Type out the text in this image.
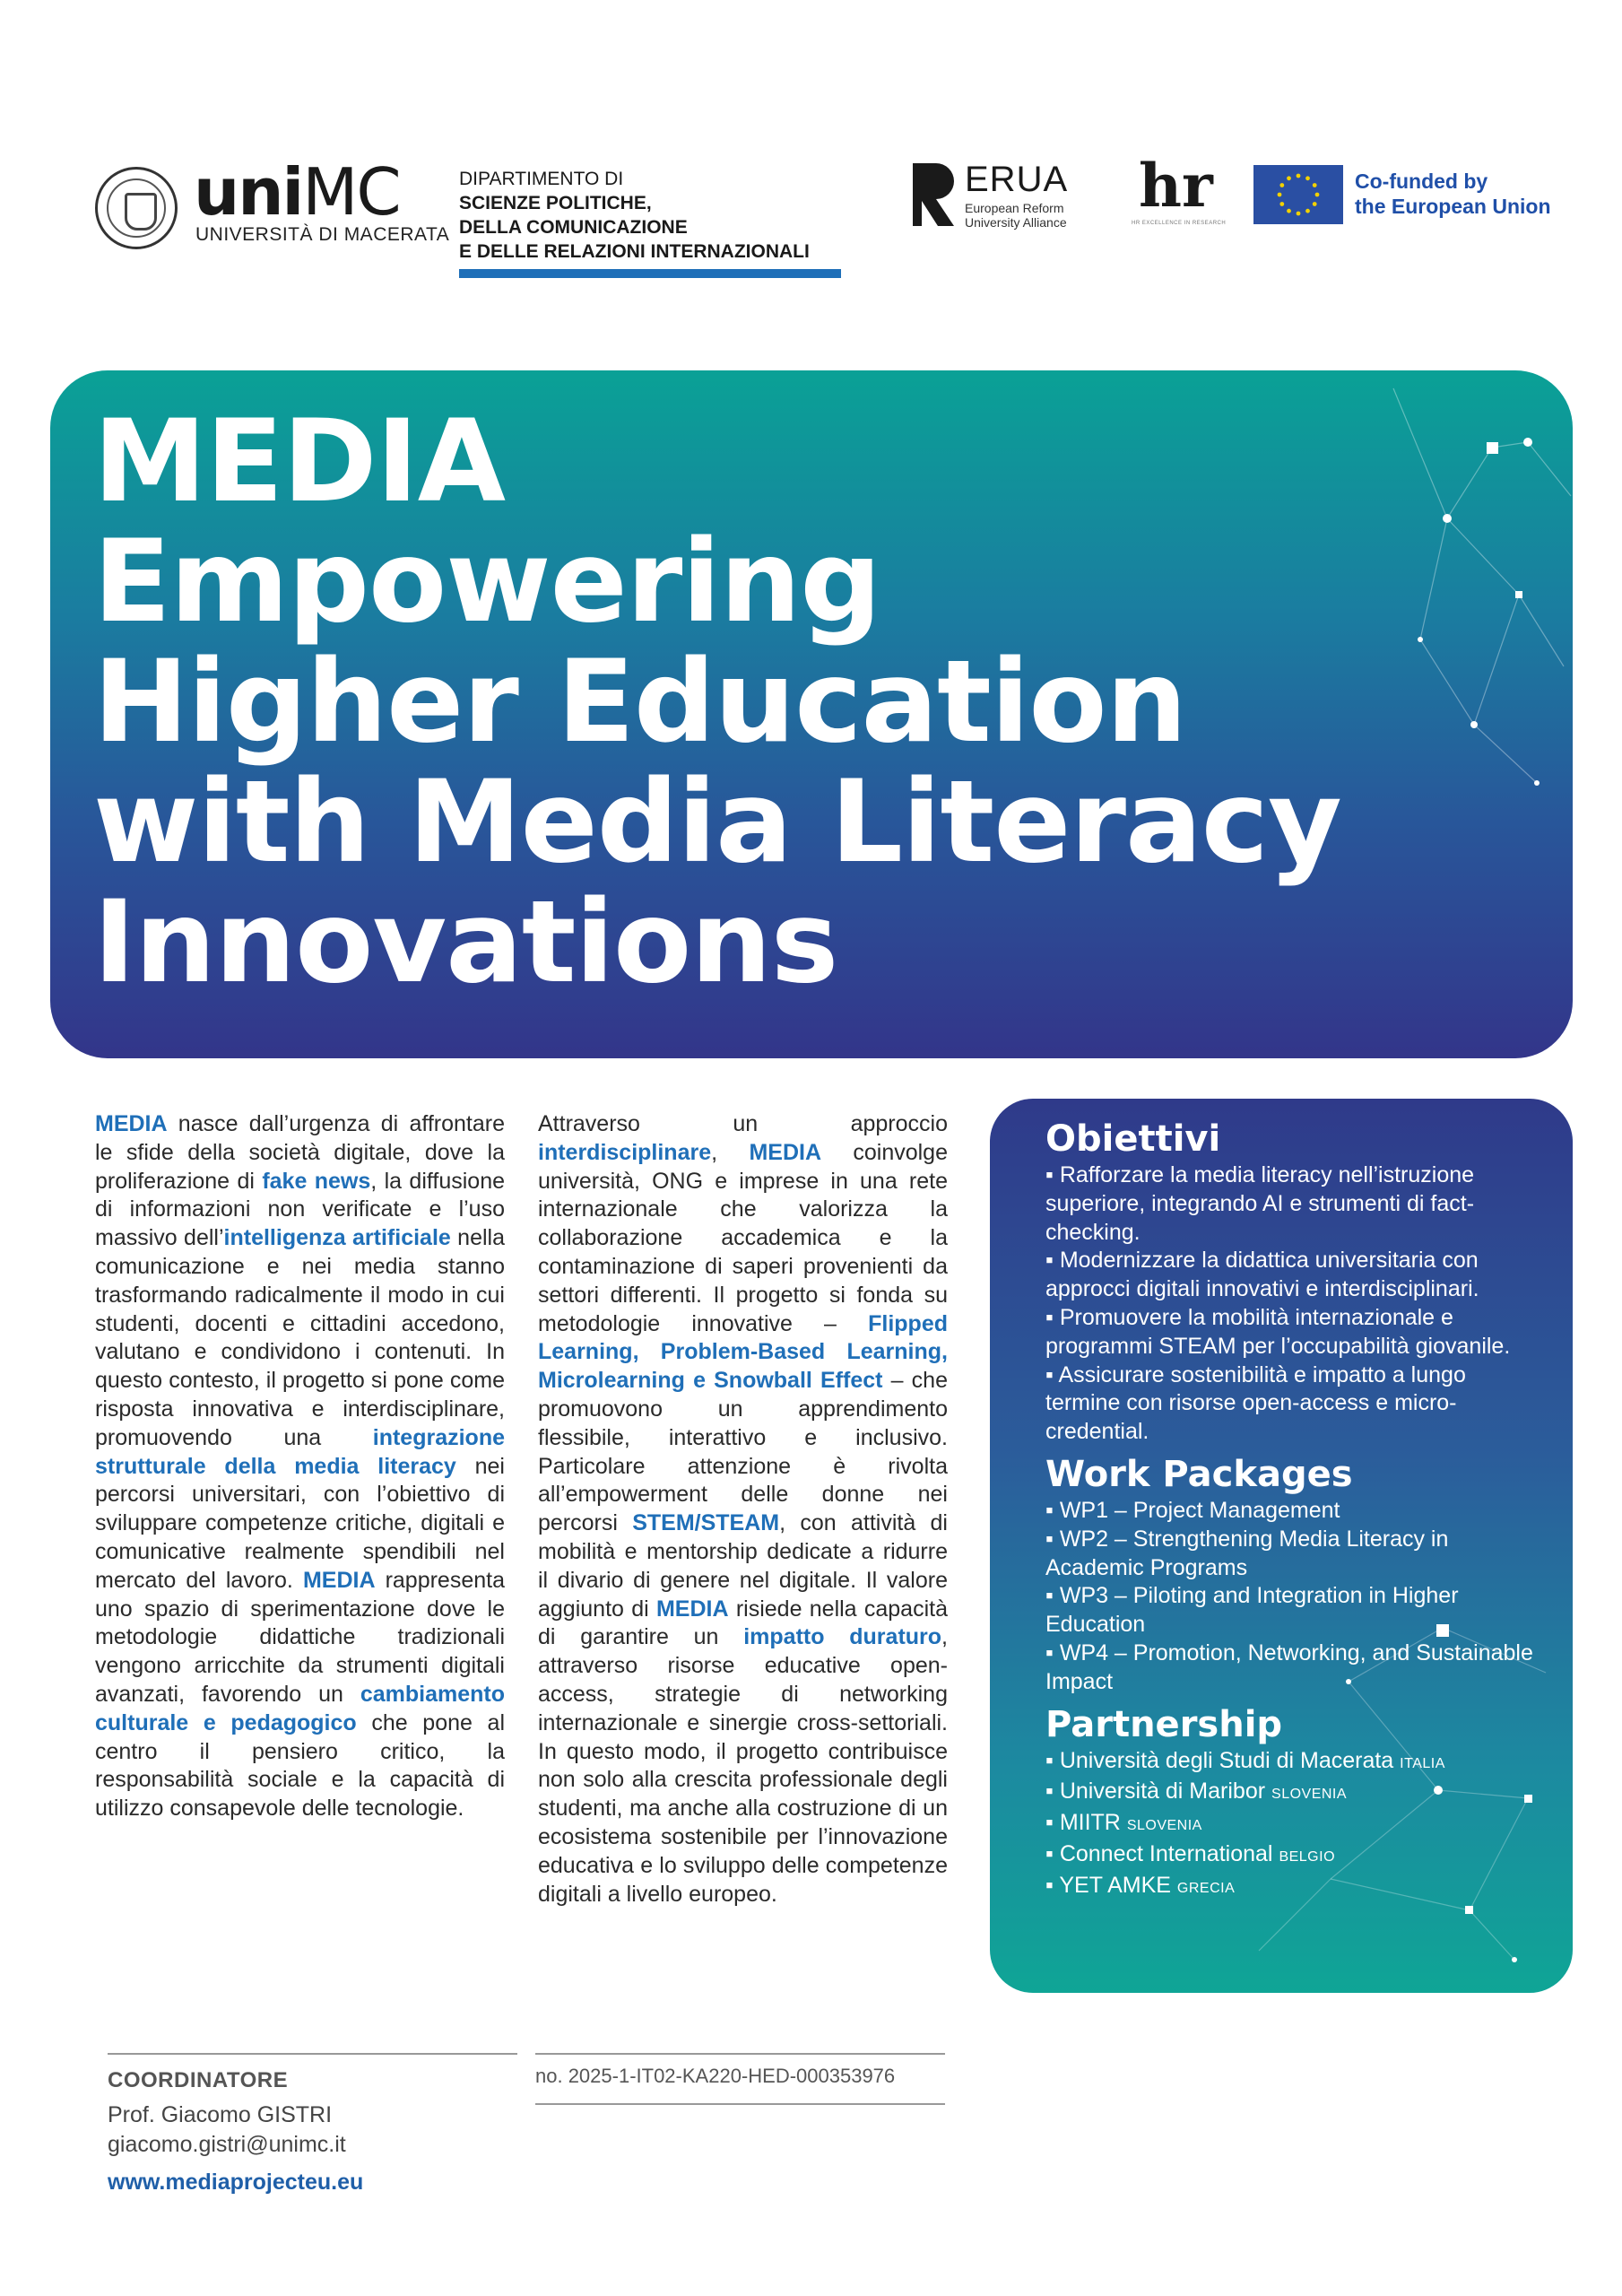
uniMC
UNIVERSITÀ DI MACERATA
DIPARTIMENTO DI
SCIENZE POLITICHE,
DELLA COMUNICAZIONE
E DELLE RELAZIONI INTERNAZIONALI
ERUA
European Reform
University Alliance
hr
HR EXCELLENCE IN RESEARCH
Co-funded by
the European Union
MEDIA
Empowering
Higher Education
with Media Literacy
Innovations

MEDIA nasce dall’urgenza di affrontare le sfide della società digitale, dove la proliferazione di fake news, la diffusione di informazioni non verificate e l’uso massivo dell’intelligenza artificiale nella comunicazione e nei media stanno trasformando radicalmente il modo in cui studenti, docenti e cittadini accedono, valutano e condividono i contenuti. In questo contesto, il progetto si pone come risposta innovativa e interdisciplinare, promuovendo una integrazione strutturale della media literacy nei percorsi universitari, con l’obiettivo di sviluppare competenze critiche, digitali e comunicative realmente spendibili nel mercato del lavoro. MEDIA rappresenta uno spazio di sperimentazione dove le metodologie didattiche tradizionali vengono arricchite da strumenti digitali avanzati, favorendo un cambiamento culturale e pedagogico che pone al centro il pensiero critico, la responsabilità sociale e la capacità di utilizzo consapevole delle tecnologie.

Attraverso un approccio interdisciplinare, MEDIA coinvolge università, ONG e imprese in una rete internazionale che valorizza la collaborazione accademica e la contaminazione di saperi provenienti da settori differenti. Il progetto si fonda su metodologie innovative – Flipped Learning, Problem-Based Learning, Microlearning e Snowball Effect – che promuovono un apprendimento flessibile, interattivo e inclusivo. Particolare attenzione è rivolta all’empowerment delle donne nei percorsi STEM/STEAM, con attività di mobilità e mentorship dedicate a ridurre il divario di genere nel digitale. Il valore aggiunto di MEDIA risiede nella capacità di garantire un impatto duraturo, attraverso risorse educative open-access, strategie di networking internazionale e sinergie cross-settoriali. In questo modo, il progetto contribuisce non solo alla crescita professionale degli studenti, ma anche alla costruzione di un ecosistema sostenibile per l’innovazione educativa e lo sviluppo delle competenze digitali a livello europeo.

Obiettivi
▪ Rafforzare la media literacy nell’istruzione superiore, integrando AI e strumenti di fact-checking.
▪ Modernizzare la didattica universitaria con approcci digitali innovativi e interdisciplinari.
▪ Promuovere la mobilità internazionale e programmi STEAM per l’occupabilità giovanile.
▪ Assicurare sostenibilità e impatto a lungo termine con risorse open-access e micro-credential.
Work Packages
▪ WP1 – Project Management
▪ WP2 – Strengthening Media Literacy in Academic Programs
▪ WP3 – Piloting and Integration in Higher Education
▪ WP4 – Promotion, Networking, and Sustainable Impact
Partnership
▪ Università degli Studi di Macerata ITALIA
▪ Università di Maribor SLOVENIA
▪ MIITR SLOVENIA
▪ Connect International BELGIO
▪ YET AMKE GRECIA
COORDINATORE
Prof. Giacomo GISTRI
giacomo.gistri@unimc.it
www.mediaprojecteu.eu
no. 2025-1-IT02-KA220-HED-000353976
